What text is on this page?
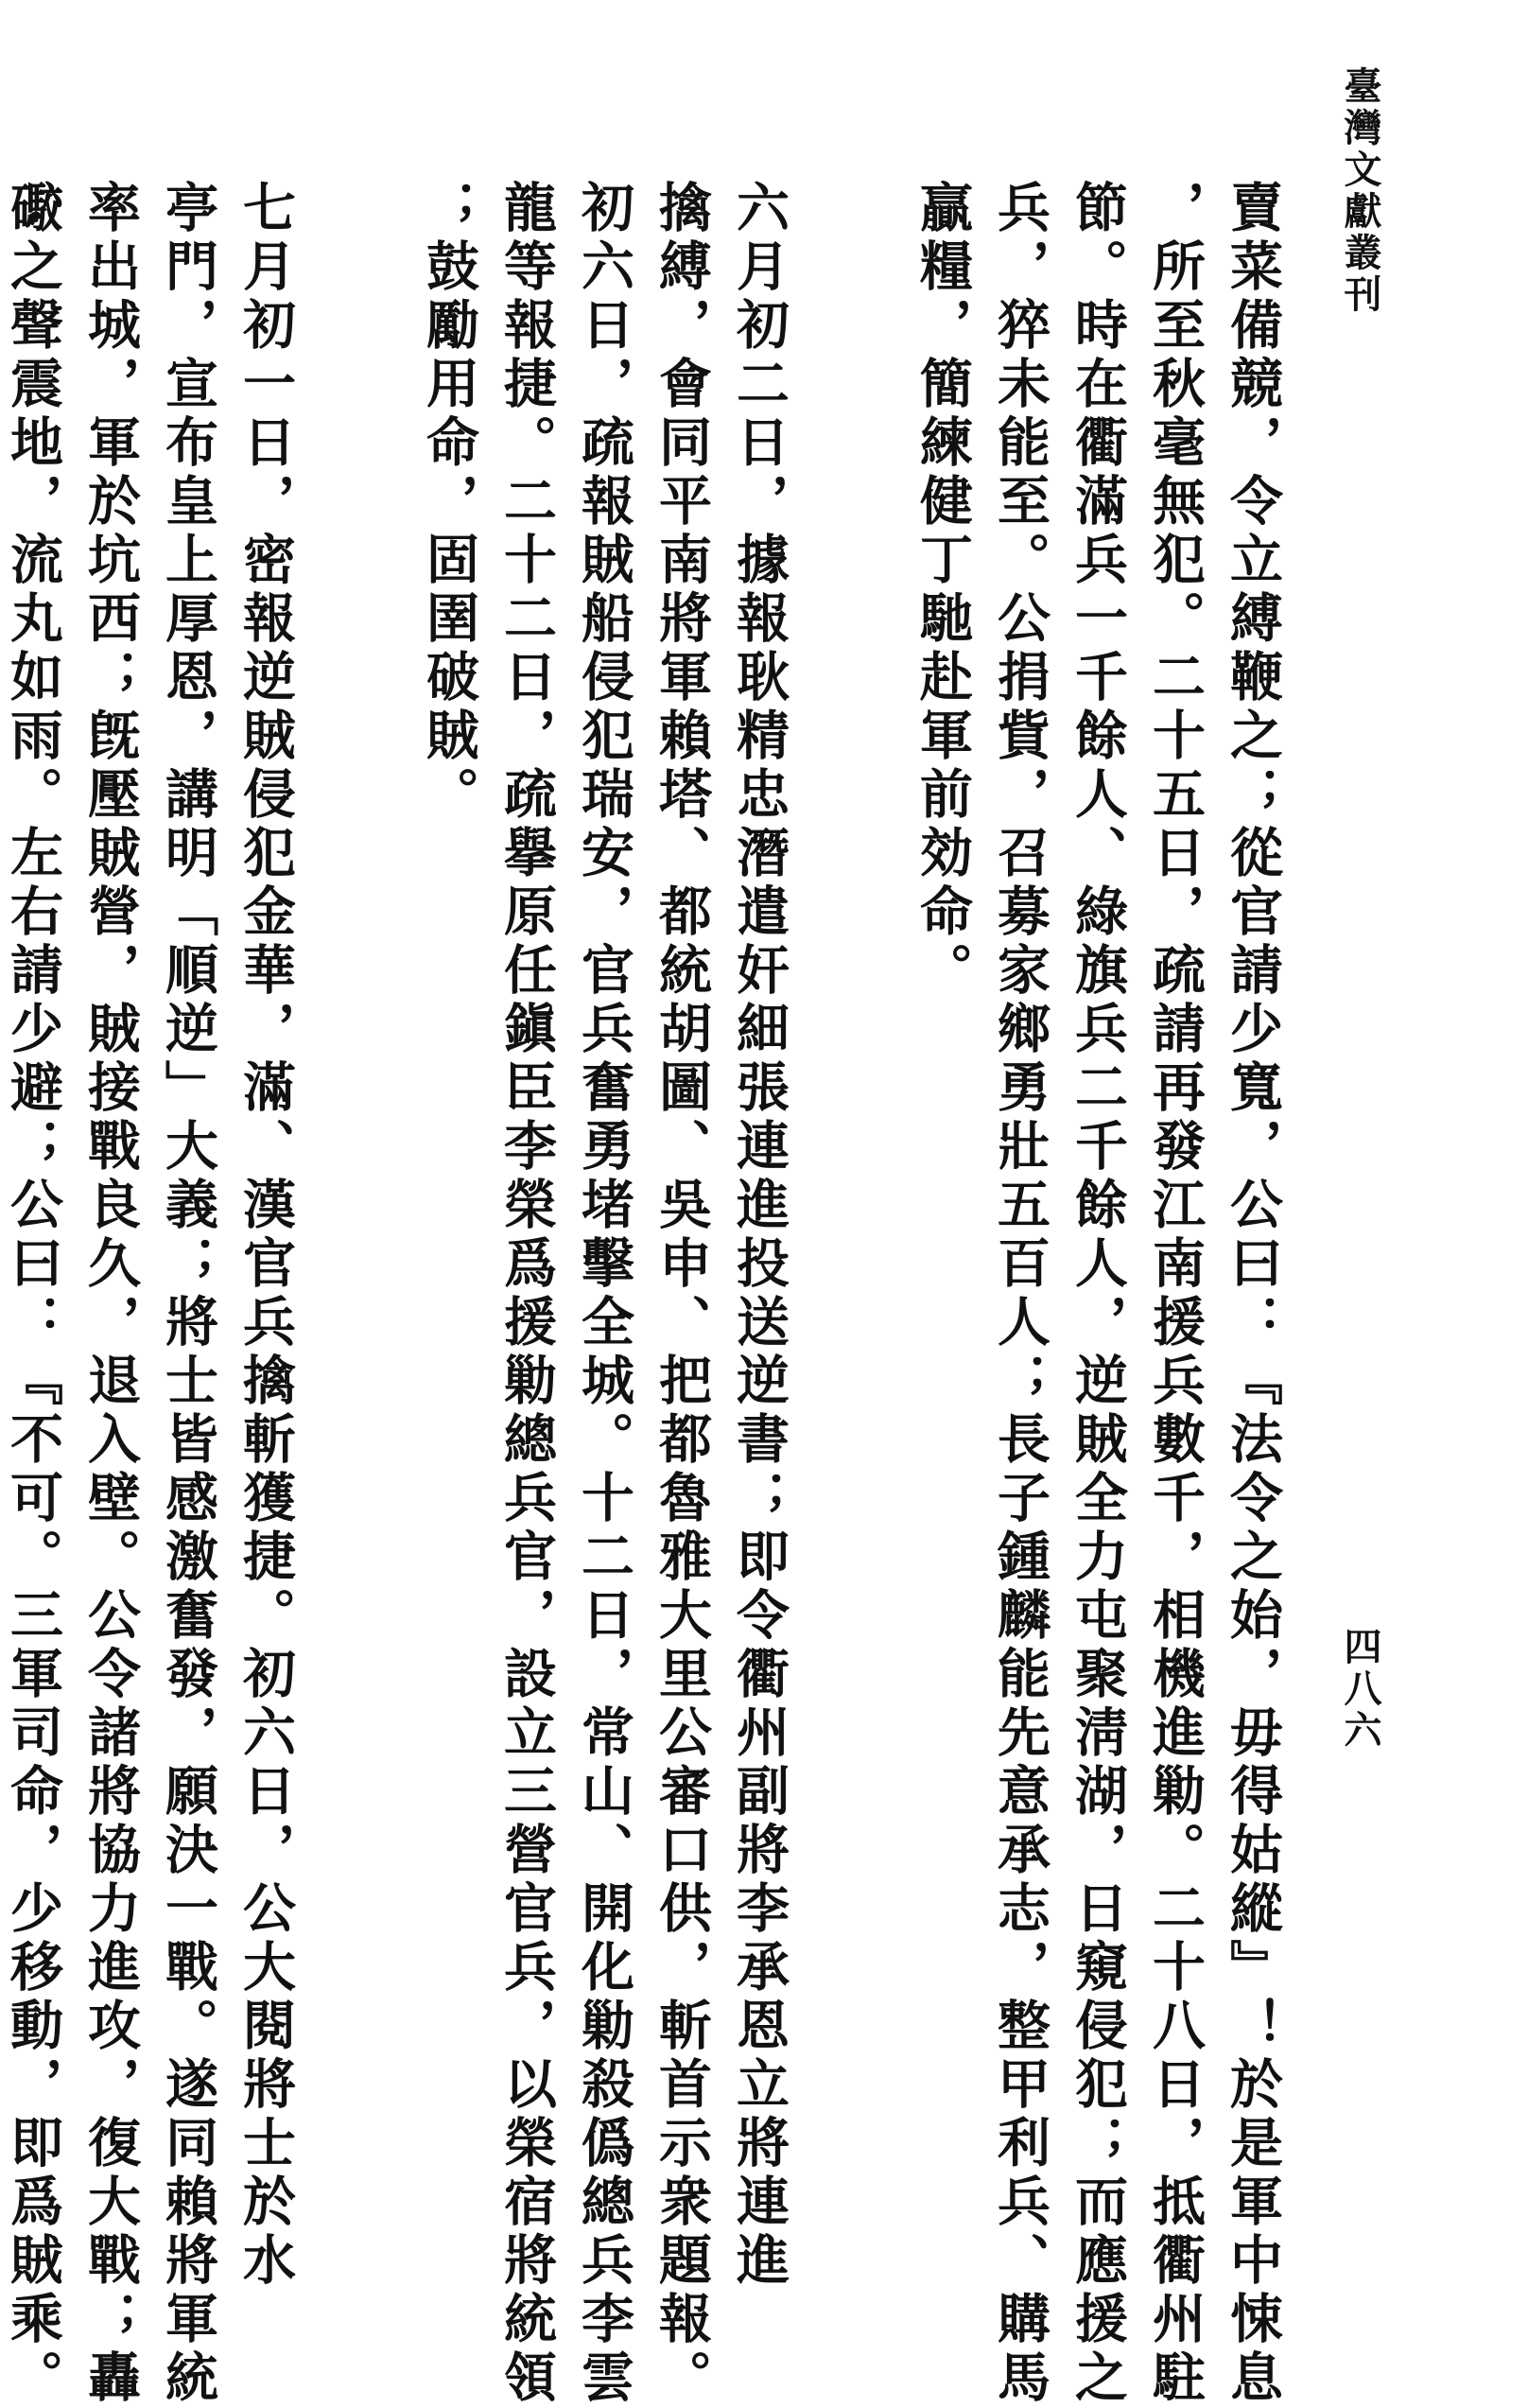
臺灣文獻叢刊
四八六
賣菜備競，令立縛鞭之；從官請少寬，公曰：『法令之始，毋得姑縱』！於是軍中悚息
，所至秋毫無犯。二十五日，疏請再發江南援兵數千，相機進勦。二十八日，抵衢州駐
節。時在衢滿兵一千餘人、綠旗兵二千餘人，逆賊全力屯聚淸湖，日窺侵犯；而應援之
兵，猝未能至。公捐貲，召募家鄉勇壯五百人；長子鍾麟能先意承志，整甲利兵、購馬
贏糧，簡練健丁馳赴軍前効命。
六月初二日，據報耿精忠潛遣奸細張連進投送逆書；即令衢州副將李承恩立將連進
擒縛，會同平南將軍賴塔、都統胡圖、吳申、把都魯雅大里公審口供，斬首示衆題報。
初六日，疏報賊船侵犯瑞安，官兵奮勇堵擊全城。十二日，常山、開化勦殺僞總兵李雲
龍等報捷。二十二日，疏擧原任鎭臣李榮爲援勦總兵官，設立三營官兵，以榮宿將統領
；鼓勵用命，固圉破賊。
七月初一日，密報逆賊侵犯金華，滿、漢官兵擒斬獲捷。初六日，公大閱將士於水
亭門，宣布皇上厚恩，講明「順逆」大義；將士皆感激奮發，願決一戰。遂同賴將軍統
率出城，軍於坑西；旣壓賊營，賊接戰良久，退入壁。公令諸將協力進攻，復大戰；轟
礮之聲震地，流丸如雨。左右請少避；公曰：『不可。三軍司命，少移動，即爲賊乘。
